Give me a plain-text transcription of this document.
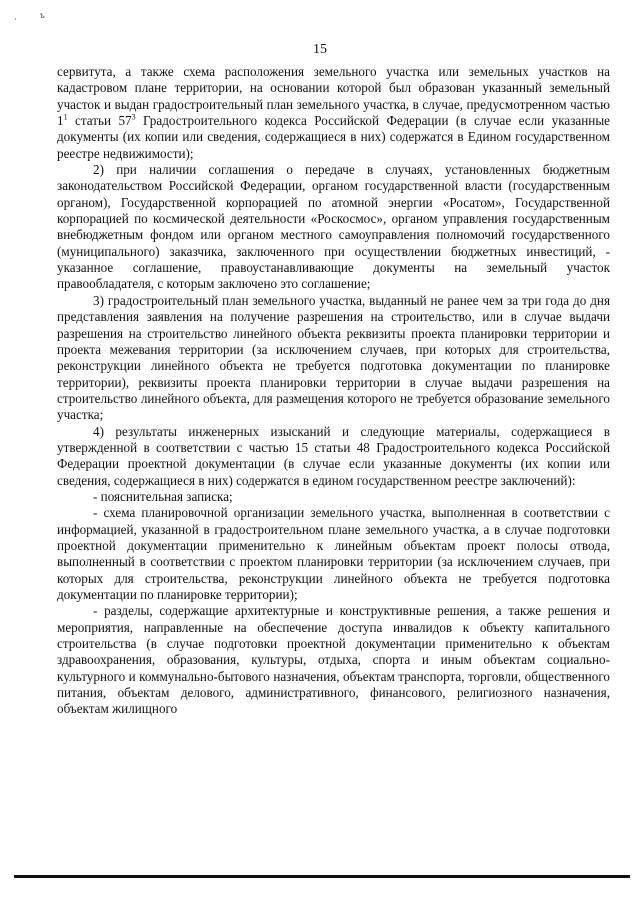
·	ъ
15

сервитута, а также схема расположения земельного участка или земельных участков на кадастровом плане территории, на основании которой был образован указанный земельный участок и выдан градостроительный план земельного участка, в случае, предусмотренном частью $1^1$ статьи $57^3$ Градостроительного кодекса Российской Федерации (в случае если указанные документы (их копии или сведения, содержащиеся в них) содержатся в Едином государственном реестре недвижимости);

2) при наличии соглашения о передаче в случаях, установленных бюджетным законодательством Российской Федерации, органом государственной власти (государственным органом), Государственной корпорацией по атомной энергии «Росатом», Государственной корпорацией по космической деятельности «Роскосмос», органом управления государственным внебюджетным фондом или органом местного самоуправления полномочий государственного (муниципального) заказчика, заключенного при осуществлении бюджетных инвестиций, - указанное соглашение, правоустанавливающие документы на земельный участок правообладателя, с которым заключено это соглашение;

3) градостроительный план земельного участка, выданный не ранее чем за три года до дня представления заявления на получение разрешения на строительство, или в случае выдачи разрешения на строительство линейного объекта реквизиты проекта планировки территории и проекта межевания территории (за исключением случаев, при которых для строительства, реконструкции линейного объекта не требуется подготовка документации по планировке территории), реквизиты проекта планировки территории в случае выдачи разрешения на строительство линейного объекта, для размещения которого не требуется образование земельного участка;

4) результаты инженерных изысканий и следующие материалы, содержащиеся в утвержденной в соответствии с частью 15 статьи 48 Градостроительного кодекса Российской Федерации проектной документации (в случае если указанные документы (их копии или сведения, содержащиеся в них) содержатся в едином государственном реестре заключений):

- пояснительная записка;

- схема планировочной организации земельного участка, выполненная в соответствии с информацией, указанной в градостроительном плане земельного участка, а в случае подготовки проектной документации применительно к линейным объектам проект полосы отвода, выполненный в соответствии с проектом планировки территории (за исключением случаев, при которых для строительства, реконструкции линейного объекта не требуется подготовка документации по планировке территории);

- разделы, содержащие архитектурные и конструктивные решения, а также решения и мероприятия, направленные на обеспечение доступа инвалидов к объекту капитального строительства (в случае подготовки проектной документации применительно к объектам здравоохранения, образования, культуры, отдыха, спорта и иным объектам социально-культурного и коммунально-бытового назначения, объектам транспорта, торговли, общественного питания, объектам делового, административного, финансового, религиозного назначения, объектам жилищного
